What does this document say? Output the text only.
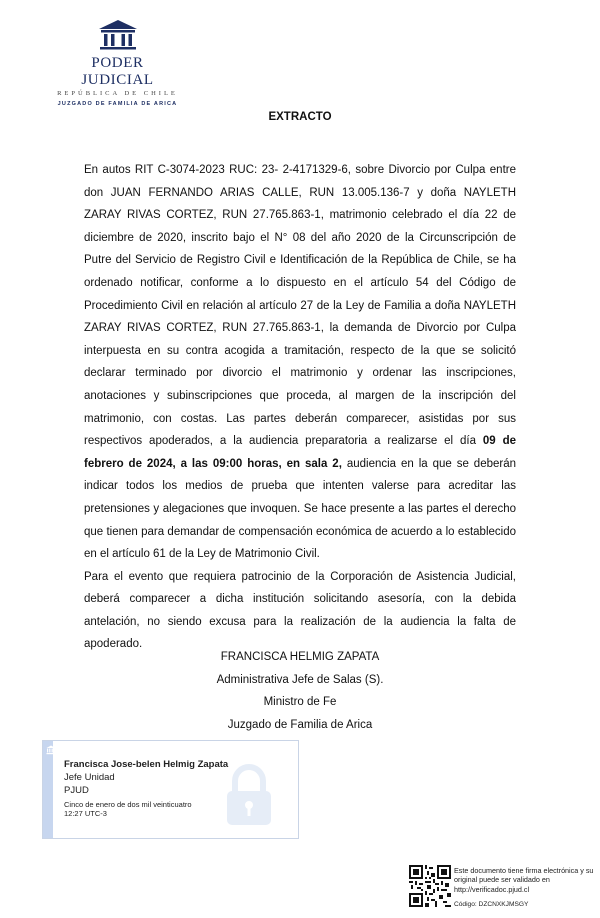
PODER JUDICIAL
REPÚBLICA DE CHILE
JUZGADO DE FAMILIA DE ARICA
EXTRACTO

En autos RIT C-3074-2023 RUC: 23- 2-4171329-6, sobre Divorcio por Culpa entre don JUAN FERNANDO ARIAS CALLE, RUN 13.005.136-7 y doña NAYLETH ZARAY RIVAS CORTEZ, RUN 27.765.863-1, matrimonio celebrado el día 22 de diciembre de 2020, inscrito bajo el N° 08 del año 2020 de la Circunscripción de Putre del Servicio de Registro Civil e Identificación de la República de Chile, se ha ordenado notificar, conforme a lo dispuesto en el artículo 54 del Código de Procedimiento Civil en relación al artículo 27 de la Ley de Familia a doña NAYLETH ZARAY RIVAS CORTEZ, RUN 27.765.863-1, la demanda de Divorcio por Culpa interpuesta en su contra acogida a tramitación, respecto de la que se solicitó declarar terminado por divorcio el matrimonio y ordenar las inscripciones, anotaciones y subinscripciones que proceda, al margen de la inscripción del matrimonio, con costas. Las partes deberán comparecer, asistidas por sus respectivos apoderados, a la audiencia preparatoria a realizarse el día 09 de febrero de 2024, a las 09:00 horas, en sala 2, audiencia en la que se deberán indicar todos los medios de prueba que intenten valerse para acreditar las pretensiones y alegaciones que invoquen. Se hace presente a las partes el derecho que tienen para demandar de compensación económica de acuerdo a lo establecido en el artículo 61 de la Ley de Matrimonio Civil.

Para el evento que requiera patrocinio de la Corporación de Asistencia Judicial, deberá comparecer a dicha institución solicitando asesoría, con la debida antelación, no siendo excusa para la realización de la audiencia la falta de apoderado.

FRANCISCA HELMIG ZAPATA
Administrativa Jefe de Salas (S).
Ministro de Fe
Juzgado de Familia de Arica
Francisca Jose-belen Helmig Zapata
Jefe Unidad
PJUD
Cinco de enero de dos mil veinticuatro
12:27 UTC-3
Este documento tiene firma electrónica y su original puede ser validado en http://verificadoc.pjud.cl
Código: DZCNXKJMSGY
